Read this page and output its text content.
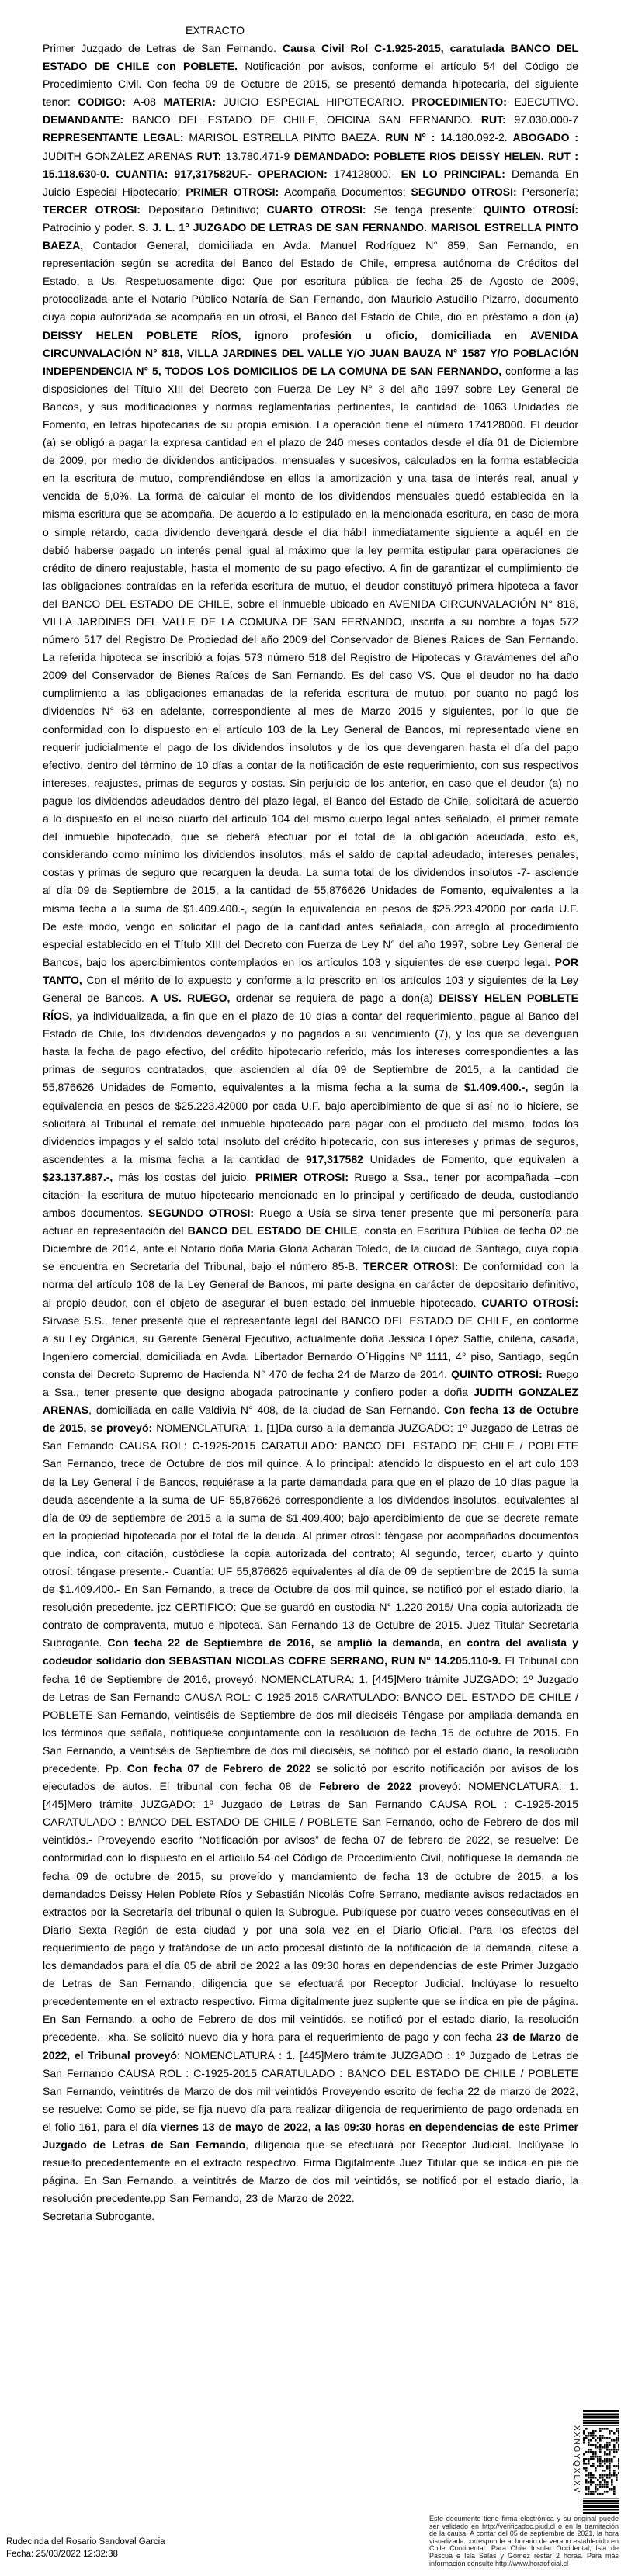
EXTRACTO

Primer Juzgado de Letras de San Fernando. Causa Civil Rol C-1.925-2015, caratulada BANCO DEL ESTADO DE CHILE con POBLETE. Notificación por avisos, conforme el artículo 54 del Código de Procedimiento Civil. Con fecha 09 de Octubre de 2015, se presentó demanda hipotecaria, del siguiente tenor: CODIGO: A-08 MATERIA: JUICIO ESPECIAL HIPOTECARIO. PROCEDIMIENTO: EJECUTIVO. DEMANDANTE: BANCO DEL ESTADO DE CHILE, OFICINA SAN FERNANDO. RUT: 97.030.000-7 REPRESENTANTE LEGAL: MARISOL ESTRELLA PINTO BAEZA. RUN N° : 14.180.092-2. ABOGADO : JUDITH GONZALEZ ARENAS RUT: 13.780.471-9 DEMANDADO: POBLETE RIOS DEISSY HELEN. RUT : 15.118.630-0. CUANTIA: 917,317582UF.- OPERACION: 174128000.- EN LO PRINCIPAL: Demanda En Juicio Especial Hipotecario; PRIMER OTROSI: Acompaña Documentos; SEGUNDO OTROSI: Personería; TERCER OTROSI: Depositario Definitivo; CUARTO OTROSI: Se tenga presente; QUINTO OTROSÍ: Patrocinio y poder. S. J. L. 1° JUZGADO DE LETRAS DE SAN FERNANDO. MARISOL ESTRELLA PINTO BAEZA, Contador General, domiciliada en Avda. Manuel Rodríguez N° 859, San Fernando, en representación según se acredita del Banco del Estado de Chile, empresa autónoma de Créditos del Estado, a Us. Respetuosamente digo: Que por escritura pública de fecha 25 de Agosto de 2009, protocolizada ante el Notario Público Notaría de San Fernando, don Mauricio Astudillo Pizarro, documento cuya copia autorizada se acompaña en un otrosí, el Banco del Estado de Chile, dio en préstamo a don (a) DEISSY HELEN POBLETE RÍOS, ignoro profesión u oficio, domiciliada en AVENIDA CIRCUNVALACIÓN N° 818, VILLA JARDINES DEL VALLE Y/O JUAN BAUZA N° 1587 Y/O POBLACIÓN INDEPENDENCIA N° 5, TODOS LOS DOMICILIOS DE LA COMUNA DE SAN FERNANDO, conforme a las disposiciones del Título XIII del Decreto con Fuerza De Ley N° 3 del año 1997 sobre Ley General de Bancos, y sus modificaciones y normas reglamentarias pertinentes, la cantidad de 1063 Unidades de Fomento, en letras hipotecarias de su propia emisión. La operación tiene el número 174128000. El deudor (a) se obligó a pagar la expresa cantidad en el plazo de 240 meses contados desde el día 01 de Diciembre de 2009, por medio de dividendos anticipados, mensuales y sucesivos, calculados en la forma establecida en la escritura de mutuo, comprendiéndose en ellos la amortización y una tasa de interés real, anual y vencida de 5,0%. La forma de calcular el monto de los dividendos mensuales quedó establecida en la misma escritura que se acompaña. De acuerdo a lo estipulado en la mencionada escritura, en caso de mora o simple retardo, cada dividendo devengará desde el día hábil inmediatamente siguiente a aquél en de debió haberse pagado un interés penal igual al máximo que la ley permita estipular para operaciones de crédito de dinero reajustable, hasta el momento de su pago efectivo. A fin de garantizar el cumplimiento de las obligaciones contraídas en la referida escritura de mutuo, el deudor constituyó primera hipoteca a favor del BANCO DEL ESTADO DE CHILE, sobre el inmueble ubicado en AVENIDA CIRCUNVALACIÓN N° 818, VILLA JARDINES DEL VALLE DE LA COMUNA DE SAN FERNANDO, inscrita a su nombre a fojas 572 número 517 del Registro De Propiedad del año 2009 del Conservador de Bienes Raíces de San Fernando. La referida hipoteca se inscribió a fojas 573 número 518 del Registro de Hipotecas y Gravámenes del año 2009 del Conservador de Bienes Raíces de San Fernando. Es del caso VS. Que el deudor no ha dado cumplimiento a las obligaciones emanadas de la referida escritura de mutuo, por cuanto no pagó los dividendos N° 63 en adelante, correspondiente al mes de Marzo 2015 y siguientes, por lo que de conformidad con lo dispuesto en el artículo 103 de la Ley General de Bancos, mi representado viene en requerir judicialmente el pago de los dividendos insolutos y de los que devengaren hasta el día del pago efectivo, dentro del término de 10 días a contar de la notificación de este requerimiento, con sus respectivos intereses, reajustes, primas de seguros y costas. Sin perjuicio de los anterior, en caso que el deudor (a) no pague los dividendos adeudados dentro del plazo legal, el Banco del Estado de Chile, solicitará de acuerdo a lo dispuesto en el inciso cuarto del artículo 104 del mismo cuerpo legal antes señalado, el primer remate del inmueble hipotecado, que se deberá efectuar por el total de la obligación adeudada, esto es, considerando como mínimo los dividendos insolutos, más el saldo de capital adeudado, intereses penales, costas y primas de seguro que recarguen la deuda. La suma total de los dividendos insolutos -7- asciende al día 09 de Septiembre de 2015, a la cantidad de 55,876626 Unidades de Fomento, equivalentes a la misma fecha a la suma de $1.409.400.-, según la equivalencia en pesos de $25.223.42000 por cada U.F. De este modo, vengo en solicitar el pago de la cantidad antes señalada, con arreglo al procedimiento especial establecido en el Título XIII del Decreto con Fuerza de Ley N° del año 1997, sobre Ley General de Bancos, bajo los apercibimientos contemplados en los artículos 103 y siguientes de ese cuerpo legal. POR TANTO, Con el mérito de lo expuesto y conforme a lo prescrito en los artículos 103 y siguientes de la Ley General de Bancos. A US. RUEGO, ordenar se requiera de pago a don(a) DEISSY HELEN POBLETE RÍOS, ya individualizada, a fin que en el plazo de 10 días a contar del requerimiento, pague al Banco del Estado de Chile, los dividendos devengados y no pagados a su vencimiento (7), y los que se devenguen hasta la fecha de pago efectivo, del crédito hipotecario referido, más los intereses correspondientes a las primas de seguros contratados, que ascienden al día 09 de Septiembre de 2015, a la cantidad de 55,876626 Unidades de Fomento, equivalentes a la misma fecha a la suma de $1.409.400.-, según la equivalencia en pesos de $25.223.42000 por cada U.F. bajo apercibimiento de que si así no lo hiciere, se solicitará al Tribunal el remate del inmueble hipotecado para pagar con el producto del mismo, todos los dividendos impagos y el saldo total insoluto del crédito hipotecario, con sus intereses y primas de seguros, ascendentes a la misma fecha a la cantidad de 917,317582 Unidades de Fomento, que equivalen a $23.137.887.-, más los costas del juicio. PRIMER OTROSI: Ruego a Ssa., tener por acompañada –con citación- la escritura de mutuo hipotecario mencionado en lo principal y certificado de deuda, custodiando ambos documentos. SEGUNDO OTROSI: Ruego a Usía se sirva tener presente que mi personería para actuar en representación del BANCO DEL ESTADO DE CHILE, consta en Escritura Pública de fecha 02 de Diciembre de 2014, ante el Notario doña María Gloria Acharan Toledo, de la ciudad de Santiago, cuya copia se encuentra en Secretaria del Tribunal, bajo el número 85-B. TERCER OTROSI: De conformidad con la norma del artículo 108 de la Ley General de Bancos, mi parte designa en carácter de depositario definitivo, al propio deudor, con el objeto de asegurar el buen estado del inmueble hipotecado. CUARTO OTROSÍ: Sírvase S.S., tener presente que el representante legal del BANCO DEL ESTADO DE CHILE, en conforme a su Ley Orgánica, su Gerente General Ejecutivo, actualmente doña Jessica López Saffie, chilena, casada, Ingeniero comercial, domiciliada en Avda. Libertador Bernardo O´Higgins N° 1111, 4° piso, Santiago, según consta del Decreto Supremo de Hacienda N° 470 de fecha 24 de Marzo de 2014. QUINTO OTROSÍ: Ruego a Ssa., tener presente que designo abogada patrocinante y confiero poder a doña JUDITH GONZALEZ ARENAS, domiciliada en calle Valdivia N° 408, de la ciudad de San Fernando. Con fecha 13 de Octubre de 2015, se proveyó: NOMENCLATURA: 1. [1]Da curso a la demanda JUZGADO: 1º Juzgado de Letras de San Fernando CAUSA ROL: C-1925-2015 CARATULADO: BANCO DEL ESTADO DE CHILE / POBLETE San Fernando, trece de Octubre de dos mil quince. A lo principal: atendido lo dispuesto en el art culo 103 de la Ley General í de Bancos, requiérase a la parte demandada para que en el plazo de 10 días pague la deuda ascendente a la suma de UF 55,876626 correspondiente a los dividendos insolutos, equivalentes al día de 09 de septiembre de 2015 a la suma de $1.409.400; bajo apercibimiento de que se decrete remate en la propiedad hipotecada por el total de la deuda. Al primer otrosí: téngase por acompañados documentos que indica, con citación, custódiese la copia autorizada del contrato; Al segundo, tercer, cuarto y quinto otrosí: téngase presente.- Cuantía: UF 55,876626 equivalentes al día de 09 de septiembre de 2015 la suma de $1.409.400.- En San Fernando, a trece de Octubre de dos mil quince, se notificó por el estado diario, la resolución precedente. jcz CERTIFICO: Que se guardó en custodia N° 1.220-2015/ Una copia autorizada de contrato de compraventa, mutuo e hipoteca. San Fernando 13 de Octubre de 2015. Juez Titular Secretaria Subrogante. Con fecha 22 de Septiembre de 2016, se amplió la demanda, en contra del avalista y codeudor solidario don SEBASTIAN NICOLAS COFRE SERRANO, RUN N° 14.205.110-9. El Tribunal con fecha 16 de Septiembre de 2016, proveyó: NOMENCLATURA: 1. [445]Mero trámite JUZGADO: 1º Juzgado de Letras de San Fernando CAUSA ROL: C-1925-2015 CARATULADO: BANCO DEL ESTADO DE CHILE / POBLETE San Fernando, veintiséis de Septiembre de dos mil dieciséis Téngase por ampliada demanda en los términos que señala, notifíquese conjuntamente con la resolución de fecha 15 de octubre de 2015. En San Fernando, a veintiséis de Septiembre de dos mil dieciséis, se notificó por el estado diario, la resolución precedente. Pp. Con fecha 07 de Febrero de 2022 se solicitó por escrito notificación por avisos de los ejecutados de autos. El tribunal con fecha 08 de Febrero de 2022 proveyó: NOMENCLATURA: 1. [445]Mero trámite JUZGADO: 1º Juzgado de Letras de San Fernando CAUSA ROL : C-1925-2015 CARATULADO : BANCO DEL ESTADO DE CHILE / POBLETE San Fernando, ocho de Febrero de dos mil veintidós.- Proveyendo escrito “Notificación por avisos” de fecha 07 de febrero de 2022, se resuelve: De conformidad con lo dispuesto en el artículo 54 del Código de Procedimiento Civil, notifíquese la demanda de fecha 09 de octubre de 2015, su proveído y mandamiento de fecha 13 de octubre de 2015, a los demandados Deissy Helen Poblete Ríos y Sebastián Nicolás Cofre Serrano, mediante avisos redactados en extractos por la Secretaría del tribunal o quien la Subrogue. Publíquese por cuatro veces consecutivas en el Diario Sexta Región de esta ciudad y por una sola vez en el Diario Oficial. Para los efectos del requerimiento de pago y tratándose de un acto procesal distinto de la notificación de la demanda, cítese a los demandados para el día 05 de abril de 2022 a las 09:30 horas en dependencias de este Primer Juzgado de Letras de San Fernando, diligencia que se efectuará por Receptor Judicial. Inclúyase lo resuelto precedentemente en el extracto respectivo. Firma digitalmente juez suplente que se indica en pie de página. En San Fernando, a ocho de Febrero de dos mil veintidós, se notificó por el estado diario, la resolución precedente.- xha. Se solicitó nuevo día y hora para el requerimiento de pago y con fecha 23 de Marzo de 2022, el Tribunal proveyó: NOMENCLATURA : 1. [445]Mero trámite JUZGADO : 1º Juzgado de Letras de San Fernando CAUSA ROL : C-1925-2015 CARATULADO : BANCO DEL ESTADO DE CHILE / POBLETE San Fernando, veintitrés de Marzo de dos mil veintidós Proveyendo escrito de fecha 22 de marzo de 2022, se resuelve: Como se pide, se fija nuevo día para realizar diligencia de requerimiento de pago ordenada en el folio 161, para el día viernes 13 de mayo de 2022, a las 09:30 horas en dependencias de este Primer Juzgado de Letras de San Fernando, diligencia que se efectuará por Receptor Judicial. Inclúyase lo resuelto precedentemente en el extracto respectivo. Firma Digitalmente Juez Titular que se indica en pie de página. En San Fernando, a veintitrés de Marzo de dos mil veintidós, se notificó por el estado diario, la resolución precedente.pp San Fernando, 23 de Marzo de 2022.

Secretaria Subrogante.
XXNGYQXLXV
Este documento tiene firma electrónica y su original puede ser validado en http://verificadoc.pjud.cl o en la tramitación de la causa. A contar del 05 de septiembre de 2021, la hora visualizada corresponde al horario de verano establecido en Chile Continental. Para Chile Insular Occidental, Isla de Pascua e Isla Salas y Gómez restar 2 horas. Para más información consulte http://www.horaoficial.cl
Rudecinda del Rosario Sandoval Garcia
Fecha: 25/03/2022 12:32:38
